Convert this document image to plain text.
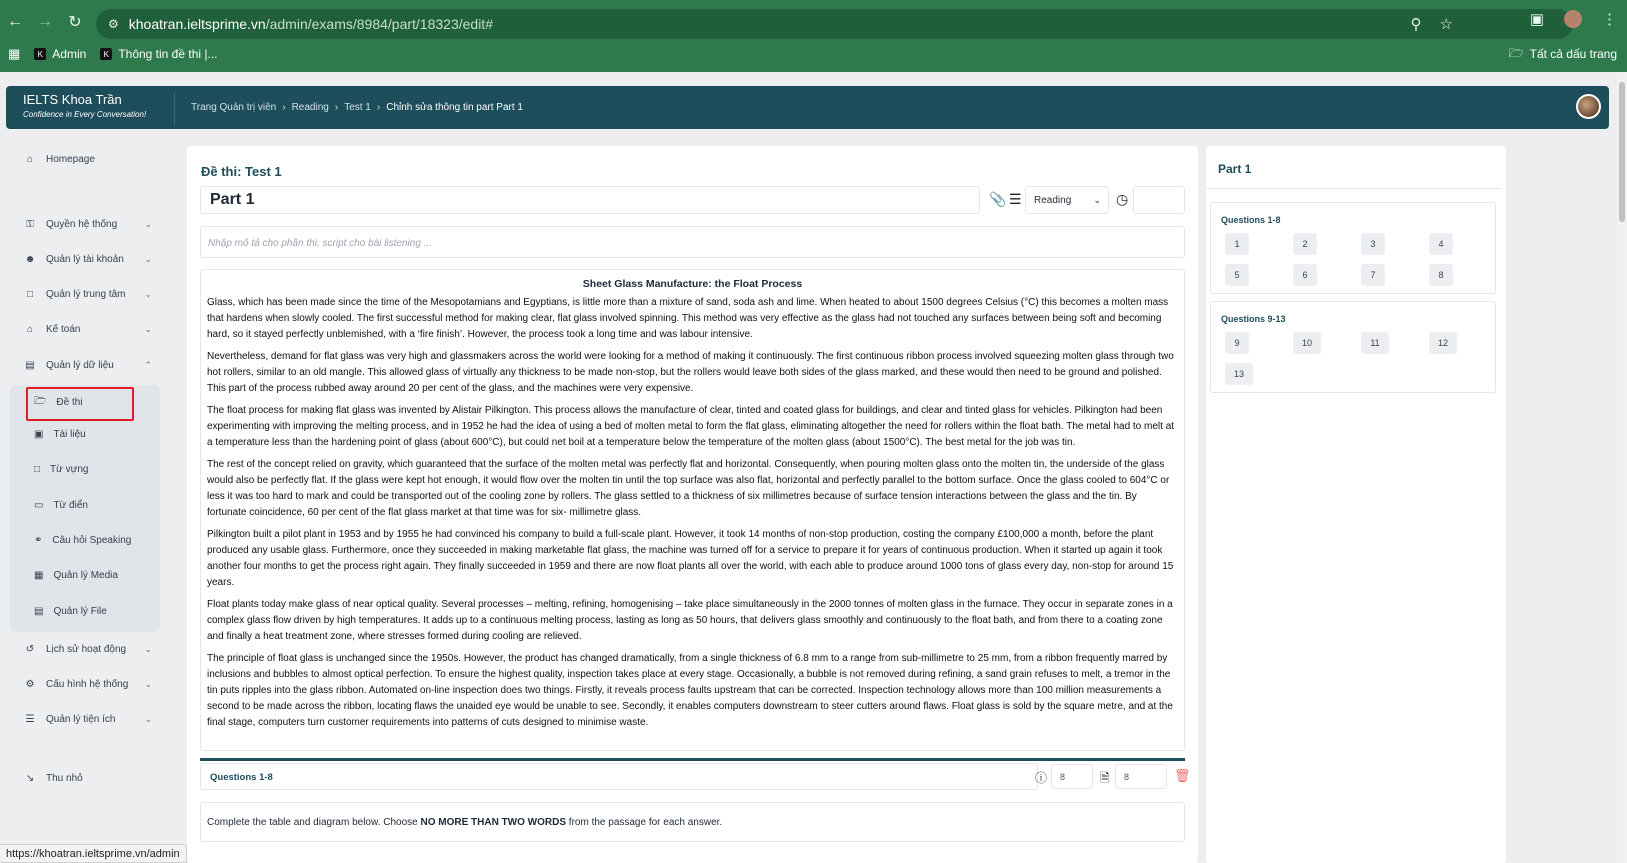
← → ↻	⚙ khoatran.ieltsprime.vn /admin/exams/8984/part/18323/edit#	⚲ ☆	▣	⋮
▦	K Admin	K Thông tin đề thi |...	🗁 Tất cả dấu trang
IELTS Khoa Trần
Confidence in Every Conversation!
Trang Quản trị viên › Reading › Test 1 › Chỉnh sửa thông tin part Part 1
⌂	Homepage
⚿	Quyền hệ thống	⌄
☻ Quản lý tài khoản ⌄
□	Quản lý trung tâm ⌄
⌂	Kế toán	⌄
▤	Quản lý dữ liệu	⌃
🗁 Đề thi
▣ Tài liệu
□ Từ vựng
▭ Từ điển
⚭ Câu hỏi Speaking
▦ Quản lý Media
▤ Quản lý File
↺	Lịch sử hoạt động ⌄
⚙	Cấu hình hệ thống ⌄
☰	Quản lý tiện ích	⌄
↘	Thu nhỏ
Đề thi: Test 1
Part 1	📎 ☰	Reading ⌄ ◷
Nhập mô tả cho phần thi, script cho bài listening ...
Sheet Glass Manufacture: the Float Process

Glass, which has been made since the time of the Mesopotamians and Egyptians, is little more than a mixture of sand, soda ash and lime. When heated to about 1500 degrees Celsius (°C) this becomes a molten mass that hardens when slowly cooled. The first successful method for making clear, flat glass involved spinning. This method was very effective as the glass had not touched any surfaces between being soft and becoming hard, so it stayed perfectly unblemished, with a ‘fire finish’. However, the process took a long time and was labour intensive.

Nevertheless, demand for flat glass was very high and glassmakers across the world were looking for a method of making it continuously. The first continuous ribbon process involved squeezing molten glass through two hot rollers, similar to an old mangle. This allowed glass of virtually any thickness to be made non-stop, but the rollers would leave both sides of the glass marked, and these would then need to be ground and polished. This part of the process rubbed away around 20 per cent of the glass, and the machines were very expensive.

The float process for making flat glass was invented by Alistair Pilkington. This process allows the manufacture of clear, tinted and coated glass for buildings, and clear and tinted glass for vehicles. Pilkington had been experimenting with improving the melting process, and in 1952 he had the idea of using a bed of molten metal to form the flat glass, eliminating altogether the need for rollers within the float bath. The metal had to melt at a temperature less than the hardening point of glass (about 600°C), but could net boil at a temperature below the temperature of the molten glass (about 1500°C). The best metal for the job was tin.

The rest of the concept relied on gravity, which guaranteed that the surface of the molten metal was perfectly flat and horizontal. Consequently, when pouring molten glass onto the molten tin, the underside of the glass would also be perfectly flat. If the glass were kept hot enough, it would flow over the molten tin until the top surface was also flat, horizontal and perfectly parallel to the bottom surface. Once the glass cooled to 604°C or less it was too hard to mark and could be transported out of the cooling zone by rollers. The glass settled to a thickness of six millimetres because of surface tension interactions between the glass and the tin. By fortunate coincidence, 60 per cent of the flat glass market at that time was for six- millimetre glass.

Pilkington built a pilot plant in 1953 and by 1955 he had convinced his company to build a full-scale plant. However, it took 14 months of non-stop production, costing the company £100,000 a month, before the plant produced any usable glass. Furthermore, once they succeeded in making marketable flat glass, the machine was turned off for a service to prepare it for years of continuous production. When it started up again it took another four months to get the process right again. They finally succeeded in 1959 and there are now float plants all over the world, with each able to produce around 1000 tons of glass every day, non-stop for around 15 years.

Float plants today make glass of near optical quality. Several processes – melting, refining, homogenising – take place simultaneously in the 2000 tonnes of molten glass in the furnace. They occur in separate zones in a complex glass flow driven by high temperatures. It adds up to a continuous melting process, lasting as long as 50 hours, that delivers glass smoothly and continuously to the float bath, and from there to a coating zone and finally a heat treatment zone, where stresses formed during cooling are relieved.

The principle of float glass is unchanged since the 1950s. However, the product has changed dramatically, from a single thickness of 6.8 mm to a range from sub-millimetre to 25 mm, from a ribbon frequently marred by inclusions and bubbles to almost optical perfection. To ensure the highest quality, inspection takes place at every stage. Occasionally, a bubble is not removed during refining, a sand grain refuses to melt, a tremor in the tin puts ripples into the glass ribbon. Automated on-line inspection does two things. Firstly, it reveals process faults upstream that can be corrected. Inspection technology allows more than 100 million measurements a second to be made across the ribbon, locating flaws the unaided eye would be unable to see. Secondly, it enables computers downstream to steer cutters around flaws. Float glass is sold by the square metre, and at the final stage, computers turn customer requirements into patterns of cuts designed to minimise waste.

Questions 1-8	ⓘ	8	🗎	8	🗑
Complete the table and diagram below. Choose NO MORE THAN TWO WORDS from the passage for each answer.
Part 1
Questions 1-8
1	2	3	4
5	6	7	8
Questions 9-13
9	10	11	12
13
https://khoatran.ieltsprime.vn/admin
